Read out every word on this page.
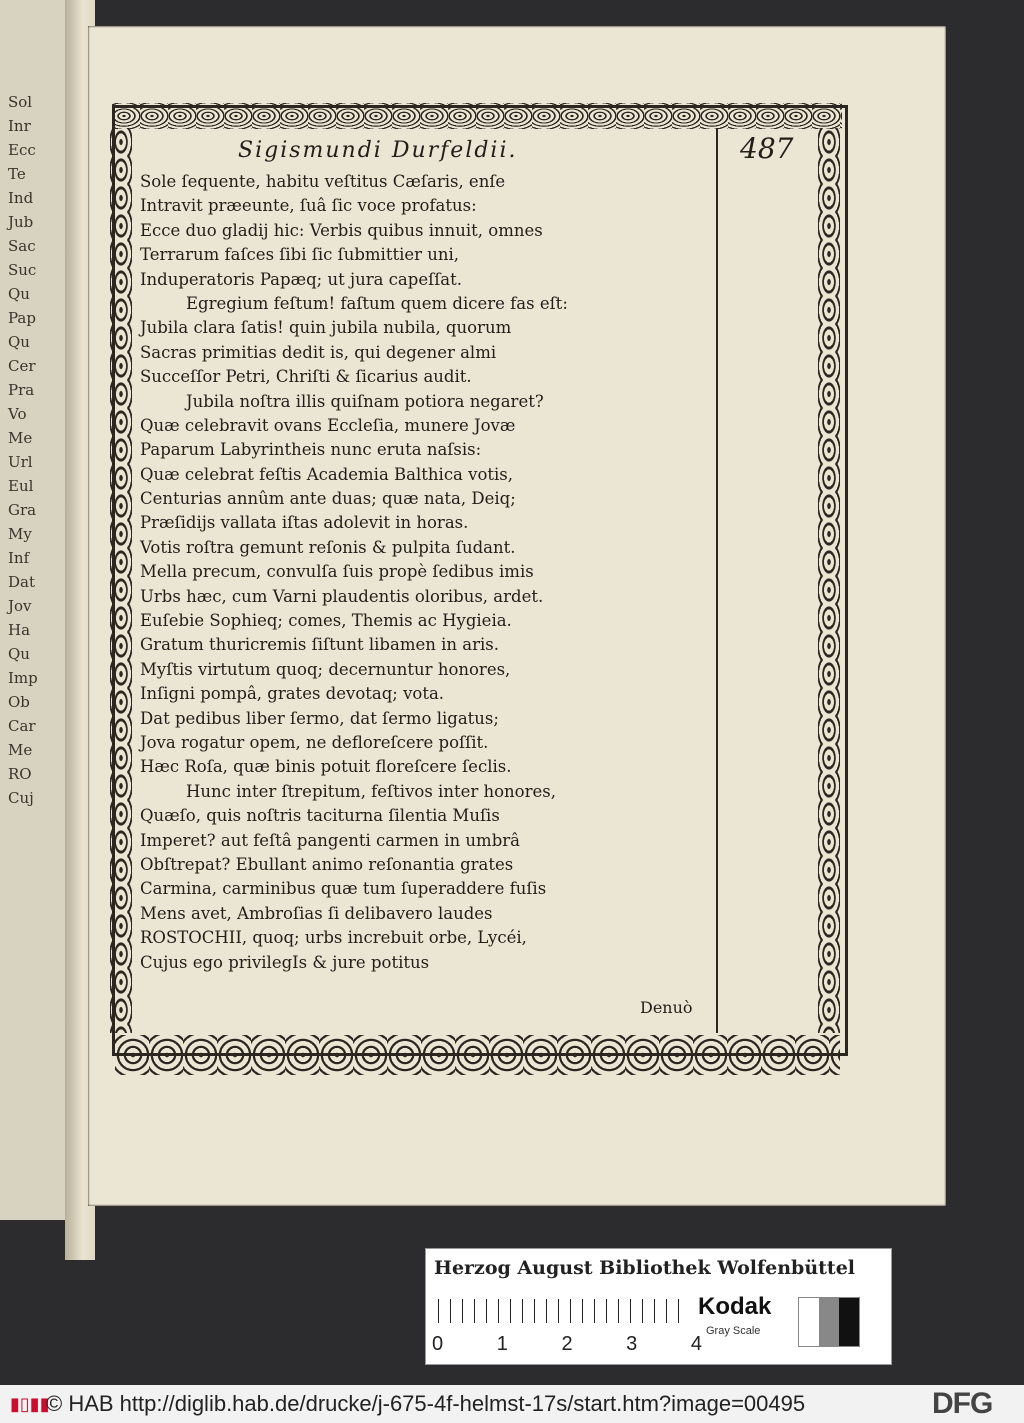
Sol
Inr
Ecc
Te
Ind
Jub
Sac
Suc
Qu
Pap
Qu
Cer
Pra
Vo
Me
Url
Eul
Gra
My
Inf
Dat
Jov
Ha
Qu
Imp
Ob
Car
Me
RO
Cuj
Sigismundi Durfeldii.	487
Sole ſequente, habitu veſtitus Cæſaris, enſe
Intravit præeunte, ſuâ ſic voce profatus:
Ecce duo gladij hic: Verbis quibus innuit, omnes
Terrarum faſces ſibi ſic ſubmittier uni,
Induperatoris Papæq; ut jura capeſſat.
Egregium feſtum! faſtum quem dicere fas eſt:
Jubila clara ſatis! quin jubila nubila, quorum
Sacras primitias dedit is, qui degener almi
Succeſſor Petri, Chriſti & ſicarius audit.
Jubila noſtra illis quiſnam potiora negaret?
Quæ celebravit ovans Eccleſia, munere Jovæ
Paparum Labyrintheis nunc eruta naſsis:
Quæ celebrat feſtis Academia Balthica votis,
Centurias annûm ante duas; quæ nata, Deiq;
Præſidijs vallata iſtas adolevit in horas.
Votis roſtra gemunt reſonis & pulpita ſudant.
Mella precum, convulſa ſuis propè ſedibus imis
Urbs hæc, cum Varni plaudentis oloribus, ardet.
Euſebie Sophieq; comes, Themis ac Hygieia.
Gratum thuricremis ſiſtunt libamen in aris.
Myſtis virtutum quoq; decernuntur honores,
Inſigni pompâ, grates devotaq; vota.
Dat pedibus liber ſermo, dat ſermo ligatus;
Jova rogatur opem, ne defloreſcere poſſit.
Hæc Roſa, quæ binis potuit floreſcere ſeclis.
Hunc inter ſtrepitum, feſtivos inter honores,
Quæſo, quis noſtris taciturna ſilentia Muſis
Imperet? aut feſtâ pangenti carmen in umbrâ
Obſtrepat? Ebullant animo reſonantia grates
Carmina, carminibus quæ tum ſuperaddere fuſis
Mens avet, Ambroſias ſi delibavero laudes
ROSTOCHII, quoq; urbs increbuit orbe, Lycéi,
Cujus ego privilegIs & jure potitus
Denuò
Herzog August Bibliothek Wolfenbüttel
0	1	2	3	4
Kodak
Gray Scale
▮▯▮▮
© HAB http://diglib.hab.de/drucke/j-675-4f-helmst-17s/start.htm?image=00495	DFG
